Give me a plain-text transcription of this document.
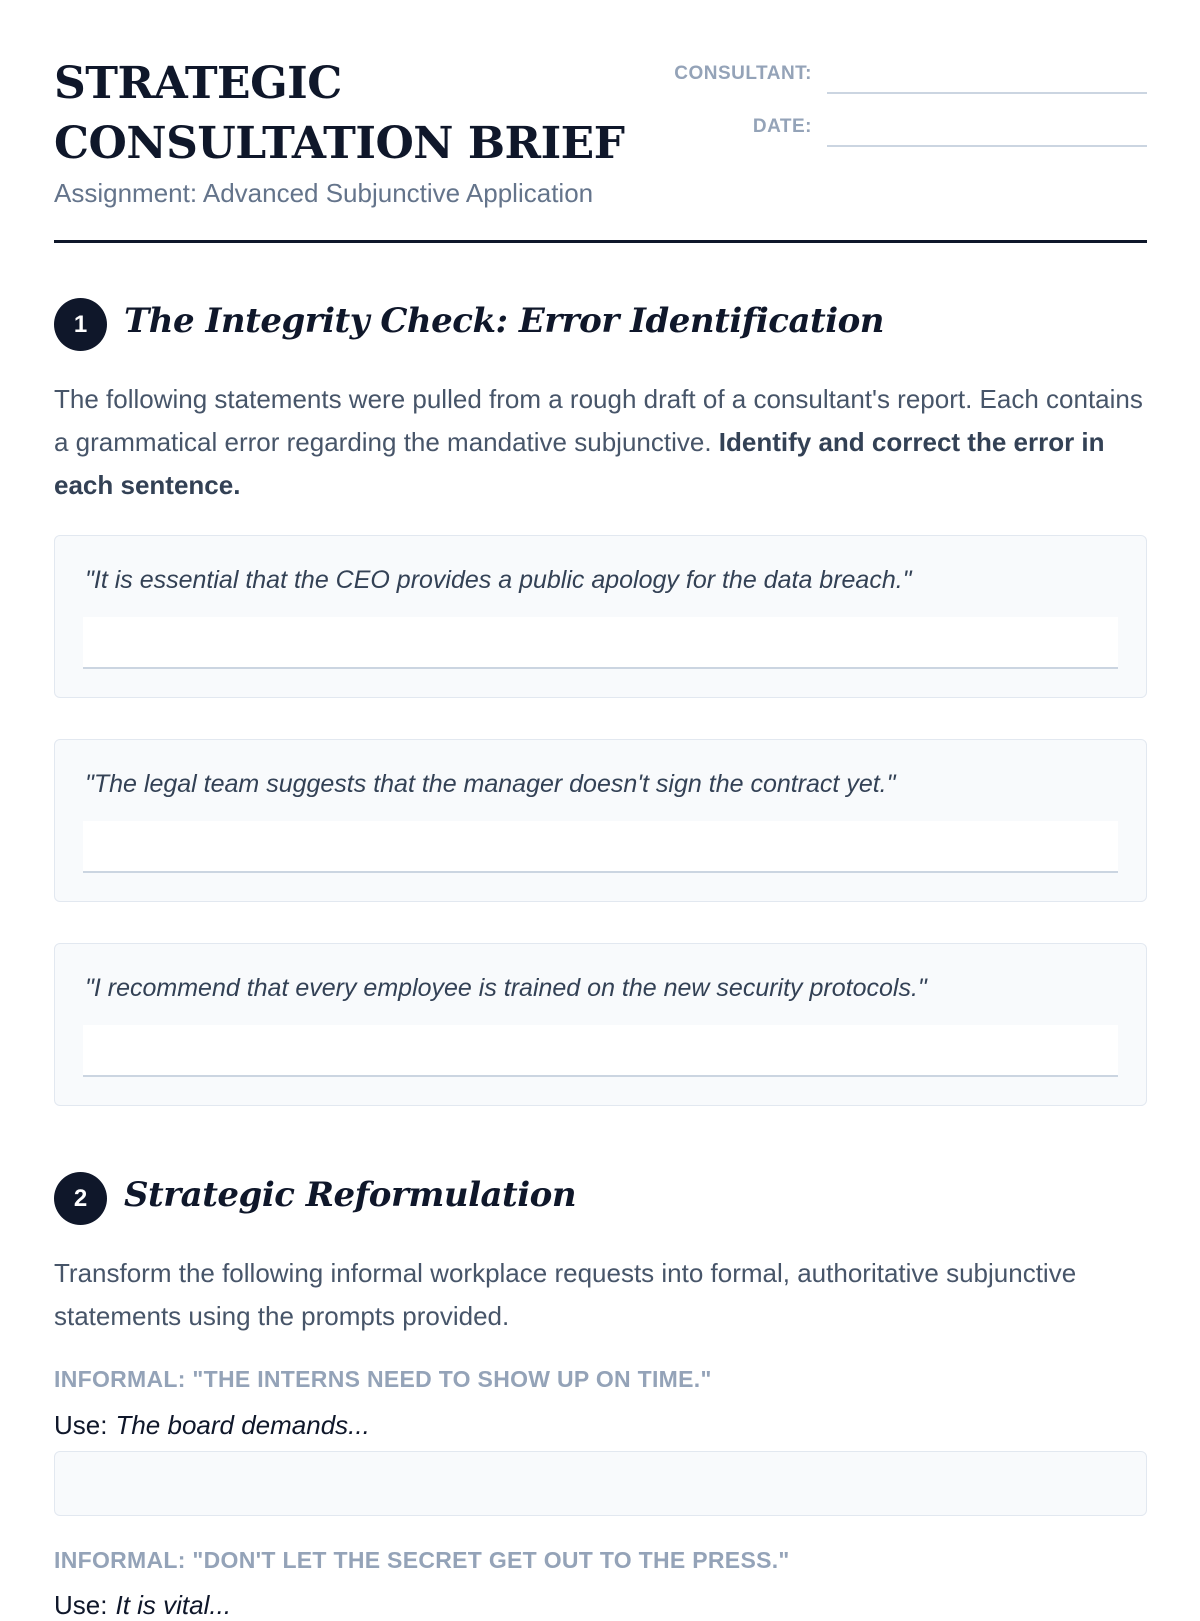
STRATEGIC
CONSULTATION BRIEF
Assignment: Advanced Subjunctive Application
CONSULTANT:
DATE:
1	The Integrity Check: Error Identification
The following statements were pulled from a rough draft of a consultant's report. Each contains a grammatical error regarding the mandative subjunctive. Identify and correct the error in each sentence.
"It is essential that the CEO provides a public apology for the data breach."
"The legal team suggests that the manager doesn't sign the contract yet."
"I recommend that every employee is trained on the new security protocols."
2	Strategic Reformulation
Transform the following informal workplace requests into formal, authoritative subjunctive statements using the prompts provided.
INFORMAL: "THE INTERNS NEED TO SHOW UP ON TIME."
Use: The board demands...
INFORMAL: "DON'T LET THE SECRET GET OUT TO THE PRESS."
Use: It is vital...
